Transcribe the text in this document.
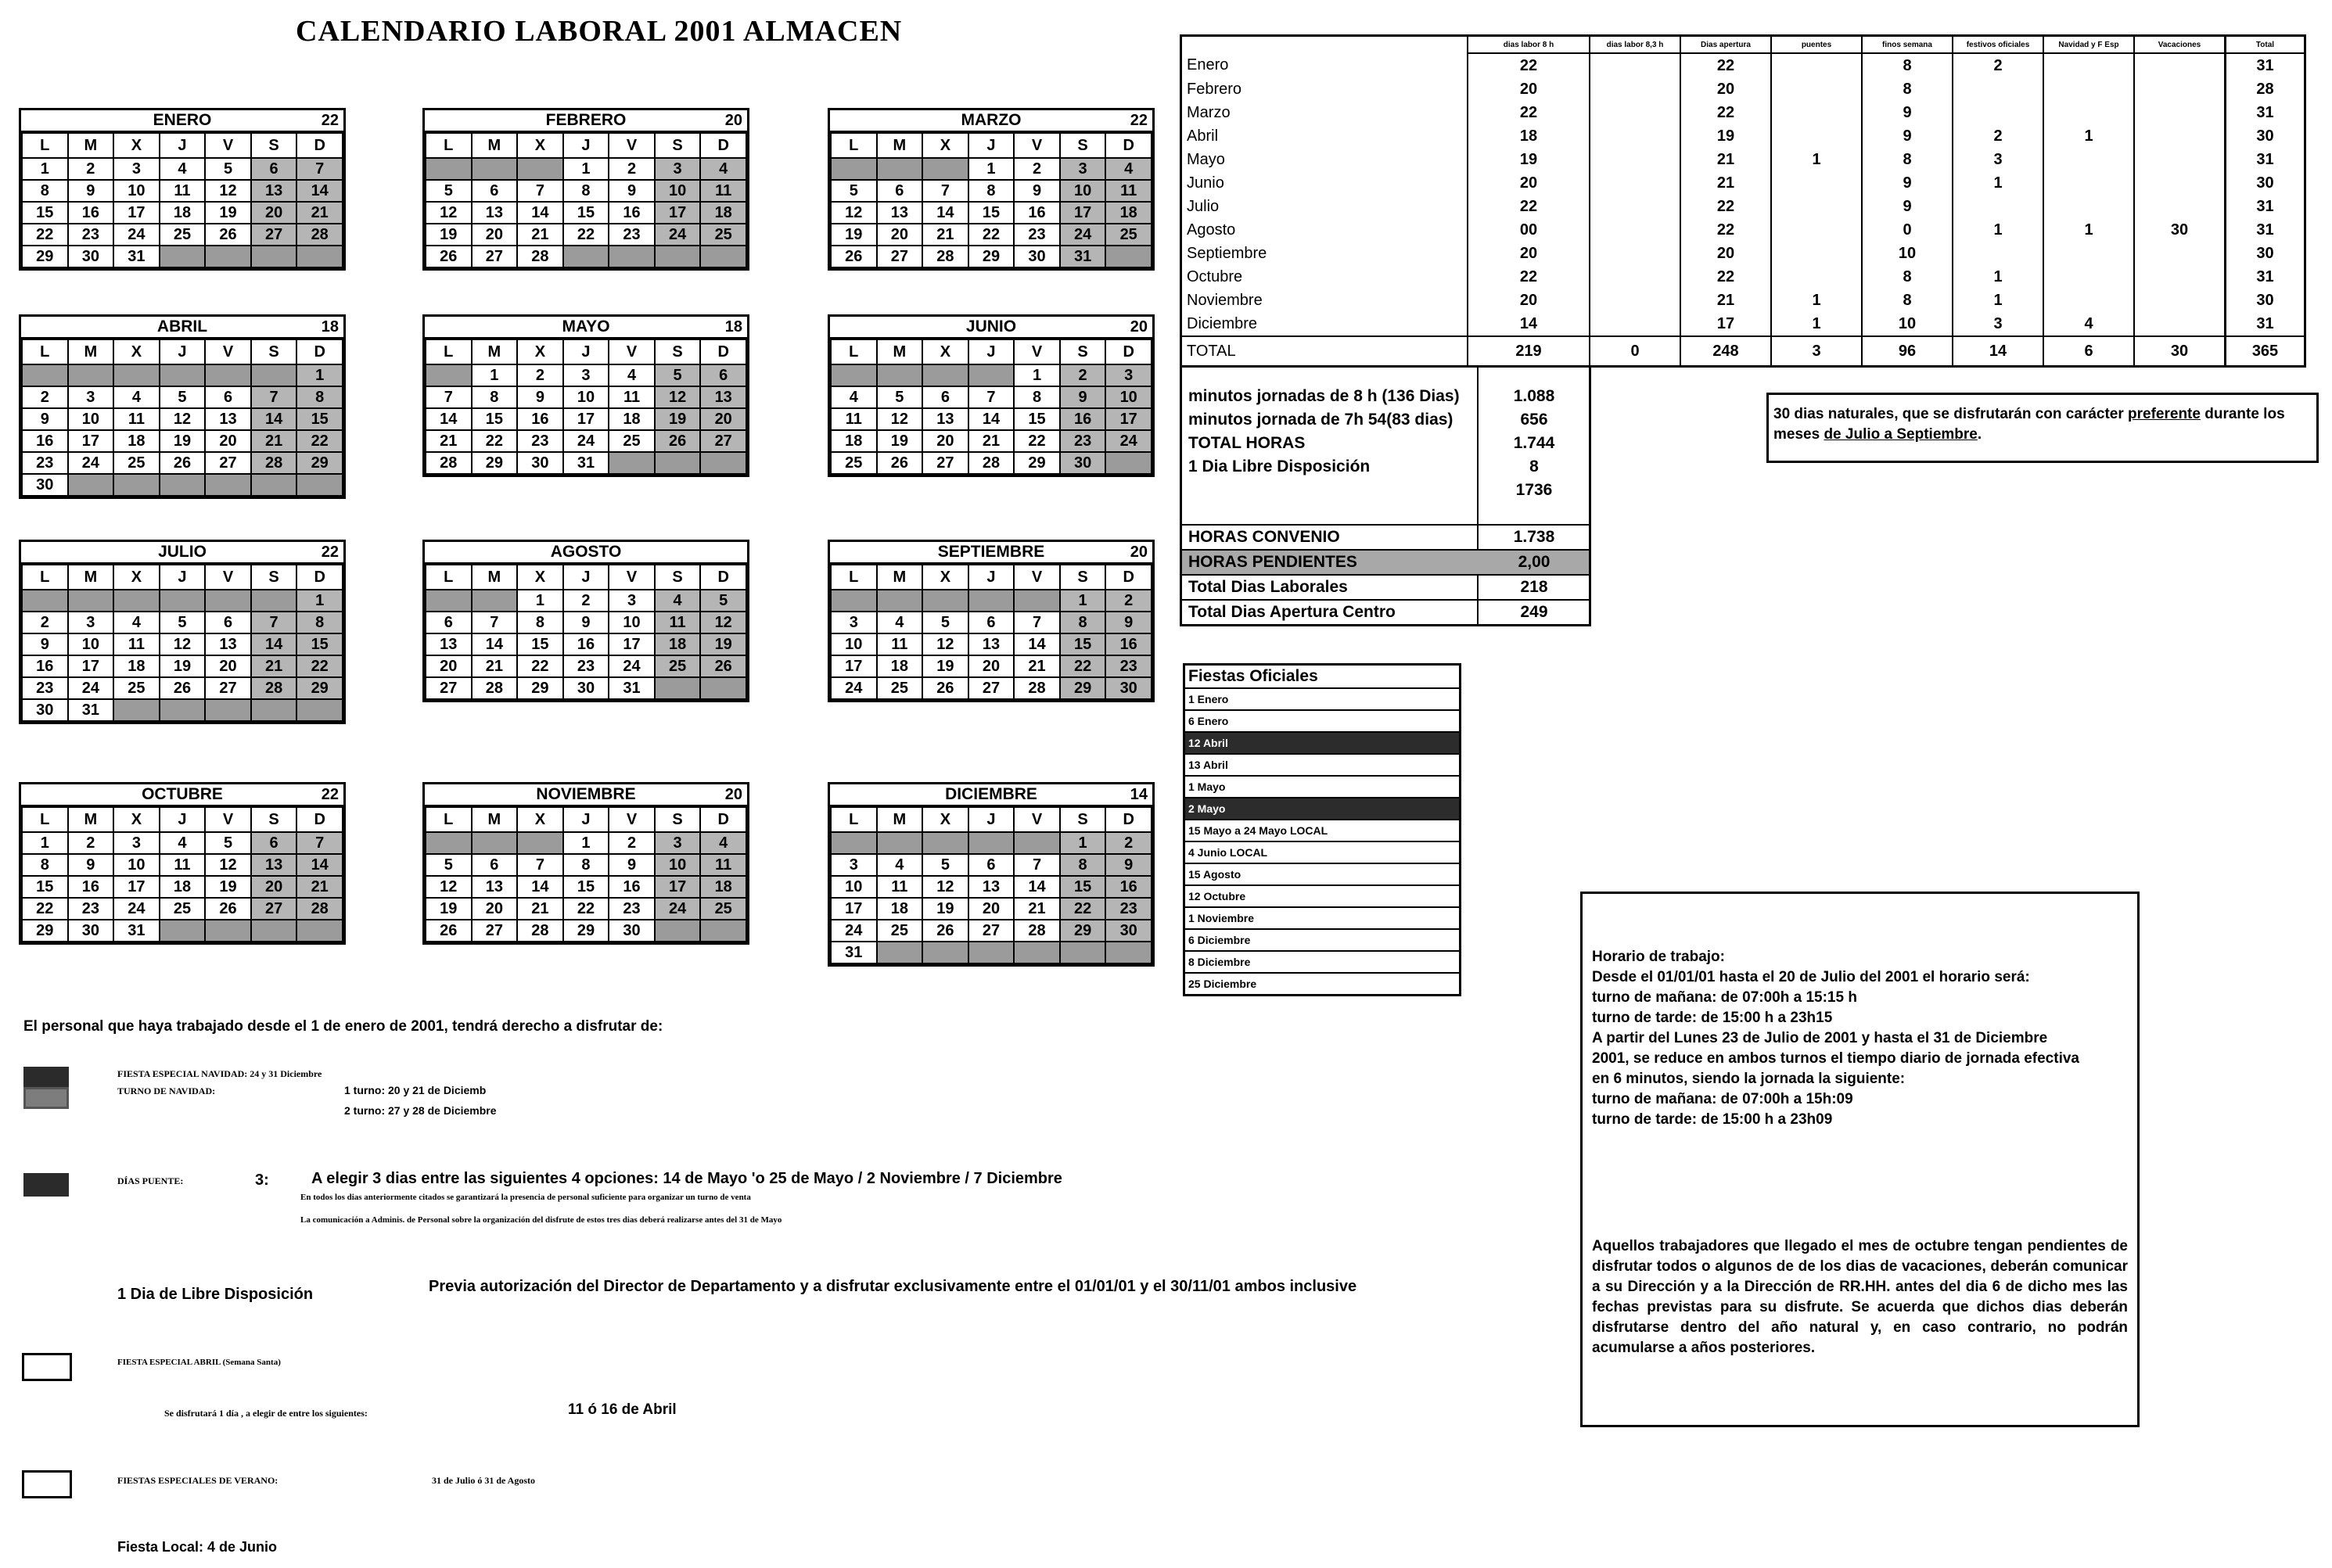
CALENDARIO LABORAL 2001 ALMACEN
ENERO	22
L	M	X	J	V	S	D
1	2	3	4	5	6	7
8	9	10	11	12	13	14
15	16	17	18	19	20	21
22	23	24	25	26	27	28
29	30	31				
FEBRERO	20
L	M	X	J	V	S	D
			1	2	3	4
5	6	7	8	9	10	11
12	13	14	15	16	17	18
19	20	21	22	23	24	25
26	27	28				
MARZO	22
L	M	X	J	V	S	D
			1	2	3	4
5	6	7	8	9	10	11
12	13	14	15	16	17	18
19	20	21	22	23	24	25
26	27	28	29	30	31	
ABRIL	18
L	M	X	J	V	S	D
						1
2	3	4	5	6	7	8
9	10	11	12	13	14	15
16	17	18	19	20	21	22
23	24	25	26	27	28	29
30						
MAYO	18
L	M	X	J	V	S	D
	1	2	3	4	5	6
7	8	9	10	11	12	13
14	15	16	17	18	19	20
21	22	23	24	25	26	27
28	29	30	31			
JUNIO	20
L	M	X	J	V	S	D
				1	2	3
4	5	6	7	8	9	10
11	12	13	14	15	16	17
18	19	20	21	22	23	24
25	26	27	28	29	30	
JULIO	22
L	M	X	J	V	S	D
						1
2	3	4	5	6	7	8
9	10	11	12	13	14	15
16	17	18	19	20	21	22
23	24	25	26	27	28	29
30	31					
AGOSTO
L	M	X	J	V	S	D
		1	2	3	4	5
6	7	8	9	10	11	12
13	14	15	16	17	18	19
20	21	22	23	24	25	26
27	28	29	30	31		
SEPTIEMBRE	20
L	M	X	J	V	S	D
					1	2
3	4	5	6	7	8	9
10	11	12	13	14	15	16
17	18	19	20	21	22	23
24	25	26	27	28	29	30
OCTUBRE	22
L	M	X	J	V	S	D
1	2	3	4	5	6	7
8	9	10	11	12	13	14
15	16	17	18	19	20	21
22	23	24	25	26	27	28
29	30	31				
NOVIEMBRE	20
L	M	X	J	V	S	D
			1	2	3	4
5	6	7	8	9	10	11
12	13	14	15	16	17	18
19	20	21	22	23	24	25
26	27	28	29	30		
DICIEMBRE	14
L	M	X	J	V	S	D
					1	2
3	4	5	6	7	8	9
10	11	12	13	14	15	16
17	18	19	20	21	22	23
24	25	26	27	28	29	30
31						
	dias labor 8 h	dias labor 8,3 h	Dias apertura	puentes	finos semana	festivos oficiales	Navidad y F Esp	Vacaciones	Total
Enero	22		22		8	2			31
Febrero	20		20		8				28
Marzo	22		22		9				31
Abril	18		19		9	2	1		30
Mayo	19		21	1	8	3			31
Junio	20		21		9	1			30
Julio	22		22		9				31
Agosto	00		22		0	1	1	30	31
Septiembre	20		20		10				30
Octubre	22		22		8	1			31
Noviembre	20		21	1	8	1			30
Diciembre	14		17	1	10	3	4		31
TOTAL	219	0	248	3	96	14	6	30	365
minutos jornadas de 8 h (136 Dias)	1.088
minutos jornada de 7h 54(83 dias)	656
TOTAL HORAS	1.744
1 Dia Libre Disposición	8
1736
HORAS CONVENIO	1.738
HORAS PENDIENTES	2,00
Total Dias Laborales	218
Total Dias Apertura Centro	249
Fiestas Oficiales
1 Enero
6 Enero
12 Abril
13 Abril
1 Mayo
2 Mayo
15 Mayo a 24 Mayo LOCAL
4 Junio LOCAL
15 Agosto
12 Octubre
1 Noviembre
6 Diciembre
8 Diciembre
25 Diciembre
30 dias naturales, que se disfrutarán con carácter preferente durante los meses de Julio a Septiembre.
Horario de trabajo:
Desde el 01/01/01 hasta el 20 de Julio del 2001 el horario será:
turno de mañana: de 07:00h a 15:15 h
turno de tarde: de 15:00 h a 23h15
A partir del Lunes 23 de Julio de 2001 y hasta el 31 de Diciembre
2001, se reduce en ambos turnos el tiempo diario de jornada efectiva
en 6 minutos, siendo la jornada la siguiente:
turno de mañana: de 07:00h a 15h:09
turno de tarde: de 15:00 h a 23h09
Aquellos trabajadores que llegado el mes de octubre tengan pendientes de disfrutar todos o algunos de de los dias de vacaciones, deberán comunicar a su Dirección y a la Dirección de RR.HH. antes del dia 6 de dicho mes las fechas previstas para su disfrute. Se acuerda que dichos dias deberán disfrutarse dentro del año natural y, en caso contrario, no podrán acumularse a años posteriores.
El personal que haya trabajado desde el 1 de enero de 2001, tendrá derecho a disfrutar de:
FIESTA ESPECIAL NAVIDAD: 24 y 31 Diciembre
TURNO DE NAVIDAD:	1 turno: 20 y 21 de Diciemb
2 turno: 27 y 28 de Diciembre
DÍAS PUENTE:	3:	A elegir 3 dias entre las siguientes 4 opciones: 14 de Mayo 'o 25 de Mayo / 2 Noviembre / 7 Diciembre
En todos los dias anteriormente citados se garantizará la presencia de personal suficiente para organizar un turno de venta
La comunicación a Adminis. de Personal sobre la organización del disfrute de estos tres dias deberá realizarse antes del 31 de Mayo
1 Dia de Libre Disposición	Previa autorización del Director de Departamento y a disfrutar exclusivamente entre el 01/01/01 y el 30/11/01 ambos inclusive
FIESTA ESPECIAL ABRIL (Semana Santa)
Se disfrutará 1 día , a elegir de entre los siguientes:	11 ó 16 de Abril
FIESTAS ESPECIALES DE VERANO:	31 de Julio ó 31 de Agosto
Fiesta Local: 4 de Junio
